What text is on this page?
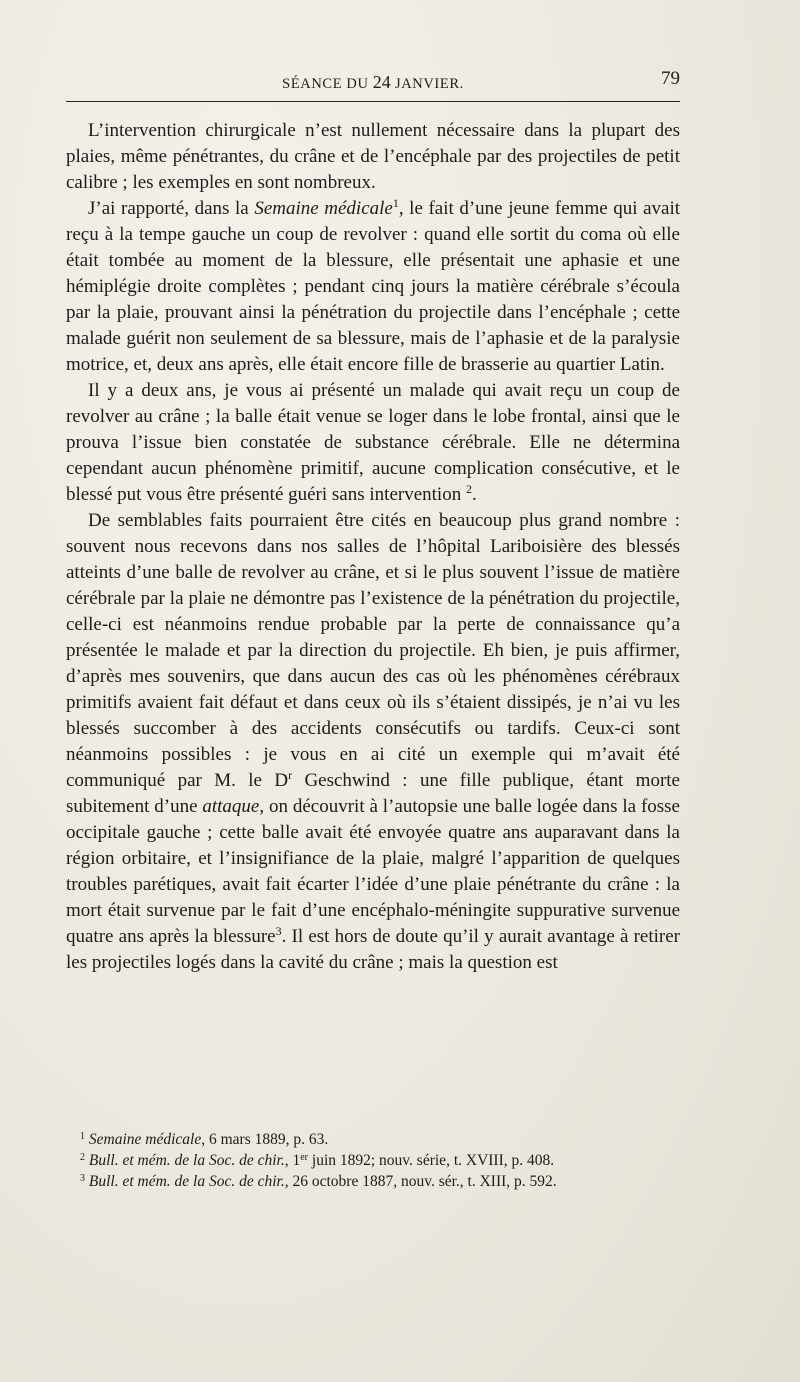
SÉANCE DU 24 JANVIER.	79

L’intervention chirurgicale n’est nullement nécessaire dans la plupart des plaies, même pénétrantes, du crâne et de l’encéphale par des projectiles de petit calibre ; les exemples en sont nombreux.

J’ai rapporté, dans la Semaine médicale$^1$, le fait d’une jeune femme qui avait reçu à la tempe gauche un coup de revolver : quand elle sortit du coma où elle était tombée au moment de la blessure, elle présentait une aphasie et une hémiplégie droite complètes ; pendant cinq jours la matière cérébrale s’écoula par la plaie, prouvant ainsi la pénétration du projectile dans l’encéphale ; cette malade guérit non seulement de sa blessure, mais de l’aphasie et de la paralysie motrice, et, deux ans après, elle était encore fille de brasserie au quartier Latin.

Il y a deux ans, je vous ai présenté un malade qui avait reçu un coup de revolver au crâne ; la balle était venue se loger dans le lobe frontal, ainsi que le prouva l’issue bien constatée de substance cérébrale. Elle ne détermina cependant aucun phénomène primitif, aucune complication consécutive, et le blessé put vous être présenté guéri sans intervention $^2$.

De semblables faits pourraient être cités en beaucoup plus grand nombre : souvent nous recevons dans nos salles de l’hôpital Lariboisière des blessés atteints d’une balle de revolver au crâne, et si le plus souvent l’issue de matière cérébrale par la plaie ne démontre pas l’existence de la pénétration du projectile, celle-ci est néanmoins rendue probable par la perte de connaissance qu’a présentée le malade et par la direction du projectile. Eh bien, je puis affirmer, d’après mes souvenirs, que dans aucun des cas où les phénomènes cérébraux primitifs avaient fait défaut et dans ceux où ils s’étaient dissipés, je n’ai vu les blessés succomber à des accidents consécutifs ou tardifs. Ceux-ci sont néanmoins possibles : je vous en ai cité un exemple qui m’avait été communiqué par M. le $D^r$ Geschwind : une fille publique, étant morte subitement d’une attaque, on découvrit à l’autopsie une balle logée dans la fosse occipitale gauche ; cette balle avait été envoyée quatre ans auparavant dans la région orbitaire, et l’insignifiance de la plaie, malgré l’apparition de quelques troubles parétiques, avait fait écarter l’idée d’une plaie pénétrante du crâne : la mort était survenue par le fait d’une encéphalo-méningite suppurative survenue quatre ans après la blessure$^3$. Il est hors de doute qu’il y aurait avantage à retirer les projectiles logés dans la cavité du crâne ; mais la question est

$^1$ Semaine médicale, 6 mars 1889, p. 63.

$^2$ Bull. et mém. de la Soc. de chir., 1er juin 1892; nouv. série, t. XVIII, p. 408.

$^3$ Bull. et mém. de la Soc. de chir., 26 octobre 1887, nouv. sér., t. XIII, p. 592.
